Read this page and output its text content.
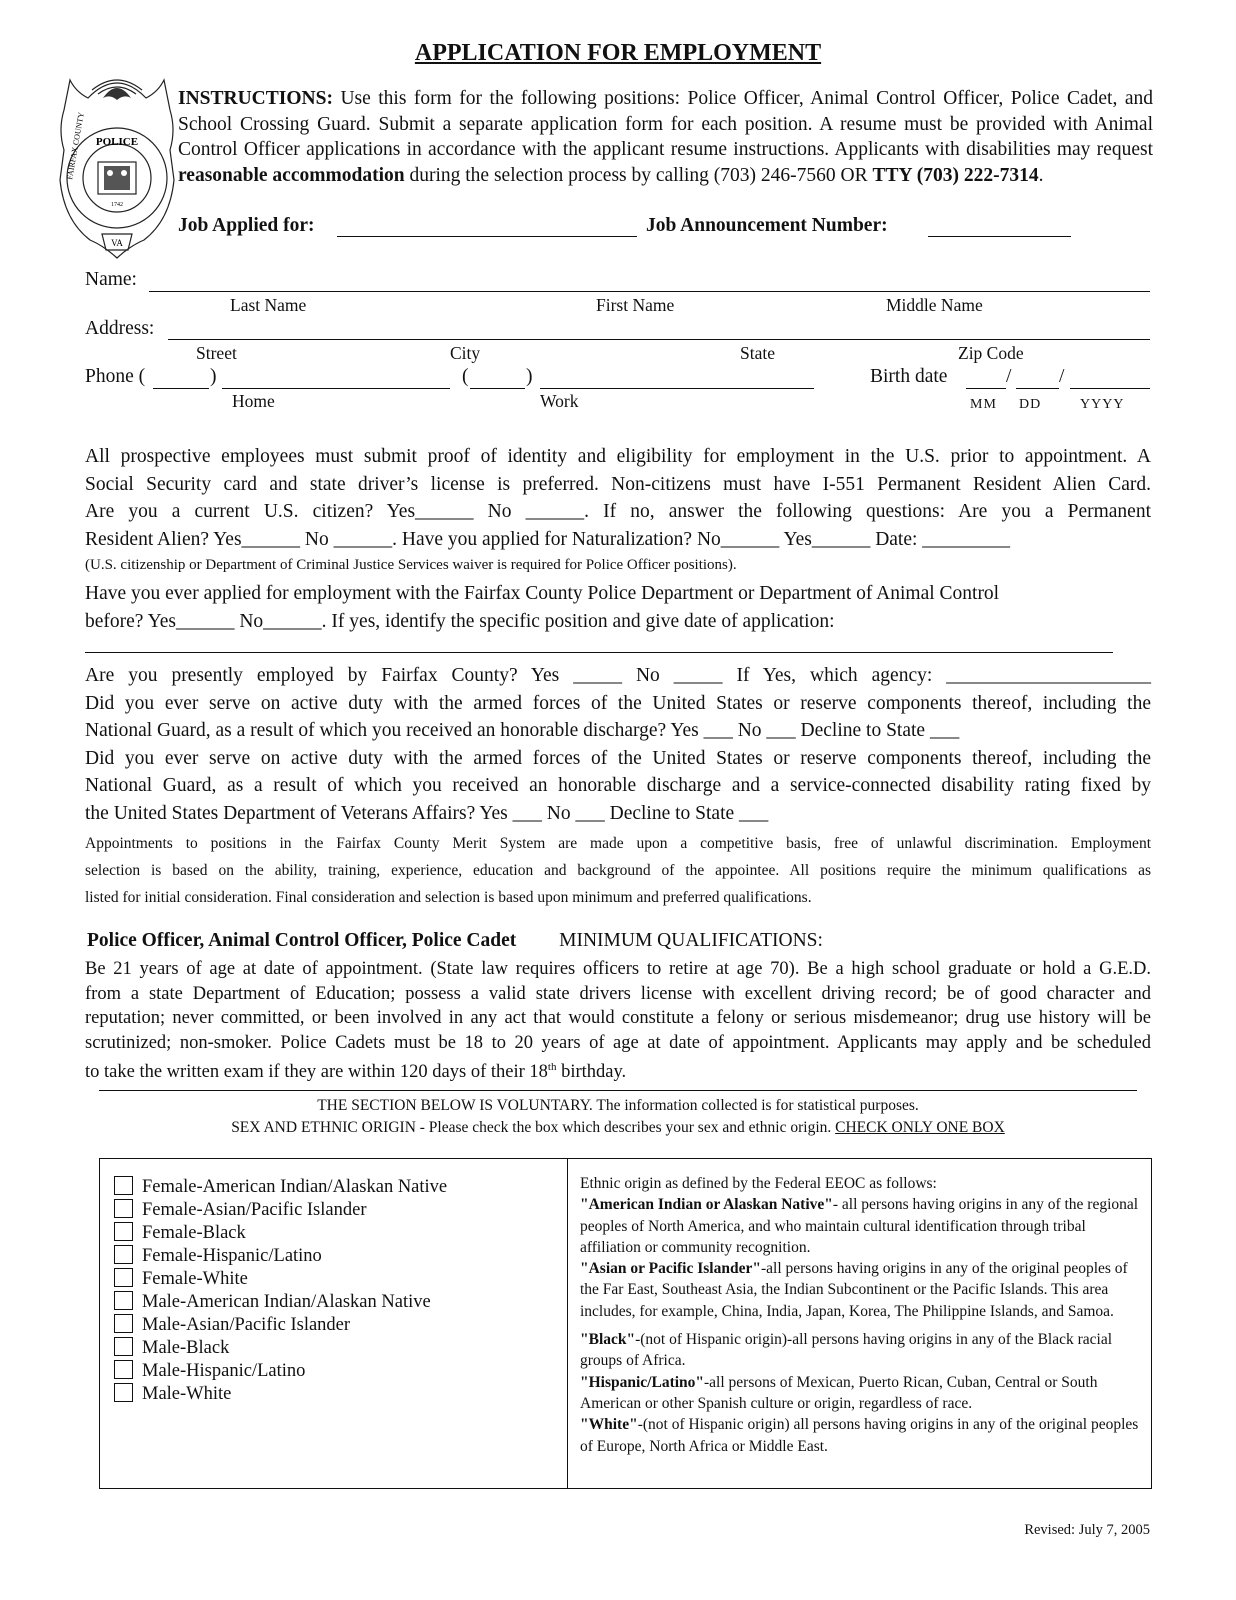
APPLICATION FOR EMPLOYMENT
POLICE
FAIRFAX COUNTY
1742
VA
INSTRUCTIONS: Use this form for the following positions: Police Officer, Animal Control Officer, Police Cadet, and School Crossing Guard. Submit a separate application form for each position. A resume must be provided with Animal Control Officer applications in accordance with the applicant resume instructions. Applicants with disabilities may request reasonable accommodation during the selection process by calling (703) 246-7560 OR TTY (703) 222-7314.
Job Applied for:	Job Announcement Number:
Name:
Last Name	First Name	Middle Name
Address:
Street	City	State	Zip Code
Phone (	)	(	)	Birth date	/ /
Home	Work	MM DD	YYYY
All prospective employees must submit proof of identity and eligibility for employment in the U.S. prior to appointment. A
Social Security card and state driver’s license is preferred. Non-citizens must have I-551 Permanent Resident Alien Card.
Are you a current U.S. citizen? Yes______ No ______. If no, answer the following questions: Are you a Permanent
Resident Alien? Yes______ No ______. Have you applied for Naturalization? No______ Yes______ Date: _________
(U.S. citizenship or Department of Criminal Justice Services waiver is required for Police Officer positions).
Have you ever applied for employment with the Fairfax County Police Department or Department of Animal Control
before? Yes______ No______. If yes, identify the specific position and give date of application:
Are you presently employed by Fairfax County? Yes _____ No _____ If Yes, which agency: _____________________
Did you ever serve on active duty with the armed forces of the United States or reserve components thereof, including the
National Guard, as a result of which you received an honorable discharge? Yes ___ No ___ Decline to State ___
Did you ever serve on active duty with the armed forces of the United States or reserve components thereof, including the
National Guard, as a result of which you received an honorable discharge and a service-connected disability rating fixed by
the United States Department of Veterans Affairs? Yes ___ No ___ Decline to State ___
Appointments to positions in the Fairfax County Merit System are made upon a competitive basis, free of unlawful discrimination. Employment
selection is based on the ability, training, experience, education and background of the appointee. All positions require the minimum qualifications as
listed for initial consideration. Final consideration and selection is based upon minimum and preferred qualifications.
Police Officer, Animal Control Officer, Police Cadet MINIMUM QUALIFICATIONS:
Be 21 years of age at date of appointment. (State law requires officers to retire at age 70). Be a high school graduate or hold a G.E.D.
from a state Department of Education; possess a valid state drivers license with excellent driving record; be of good character and
reputation; never committed, or been involved in any act that would constitute a felony or serious misdemeanor; drug use history will be
scrutinized; non-smoker. Police Cadets must be 18 to 20 years of age at date of appointment. Applicants may apply and be scheduled
to take the written exam if they are within 120 days of their 18th birthday.
THE SECTION BELOW IS VOLUNTARY. The information collected is for statistical purposes.
SEX AND ETHNIC ORIGIN - Please check the box which describes your sex and ethnic origin. CHECK ONLY ONE BOX
Female-American Indian/Alaskan Native
Female-Asian/Pacific Islander
Female-Black
Female-Hispanic/Latino
Female-White
Male-American Indian/Alaskan Native
Male-Asian/Pacific Islander
Male-Black
Male-Hispanic/Latino
Male-White
Ethnic origin as defined by the Federal EEOC as follows:
"American Indian or Alaskan Native"- all persons having origins in any of the regional peoples of North America, and who maintain cultural identification through tribal affiliation or community recognition.
"Asian or Pacific Islander"-all persons having origins in any of the original peoples of the Far East, Southeast Asia, the Indian Subcontinent or the Pacific Islands. This area includes, for example, China, India, Japan, Korea, The Philippine Islands, and Samoa.
"Black"-(not of Hispanic origin)-all persons having origins in any of the Black racial groups of Africa.
"Hispanic/Latino"-all persons of Mexican, Puerto Rican, Cuban, Central or South American or other Spanish culture or origin, regardless of race.
"White"-(not of Hispanic origin) all persons having origins in any of the original peoples of Europe, North Africa or Middle East.
Revised: July 7, 2005
